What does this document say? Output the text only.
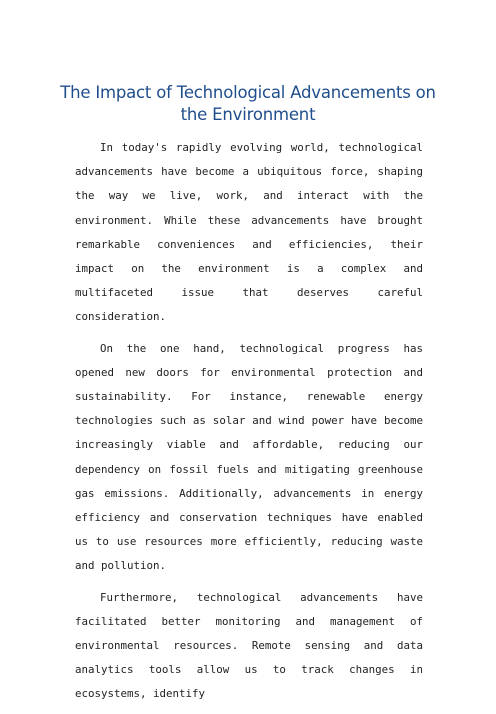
The Impact of Technological Advancements on the Environment

In today's rapidly evolving world, technological advancements have become a ubiquitous force, shaping the way we live, work, and interact with the environment. While these advancements have brought remarkable conveniences and efficiencies, their impact on the environment is a complex and multifaceted issue that deserves careful consideration.

On the one hand, technological progress has opened new doors for environmental protection and sustainability. For instance, renewable energy technologies such as solar and wind power have become increasingly viable and affordable, reducing our dependency on fossil fuels and mitigating greenhouse gas emissions. Additionally, advancements in energy efficiency and conservation techniques have enabled us to use resources more efficiently, reducing waste and pollution.

Furthermore, technological advancements have facilitated better monitoring and management of environmental resources. Remote sensing and data analytics tools allow us to track changes in ecosystems, identify
